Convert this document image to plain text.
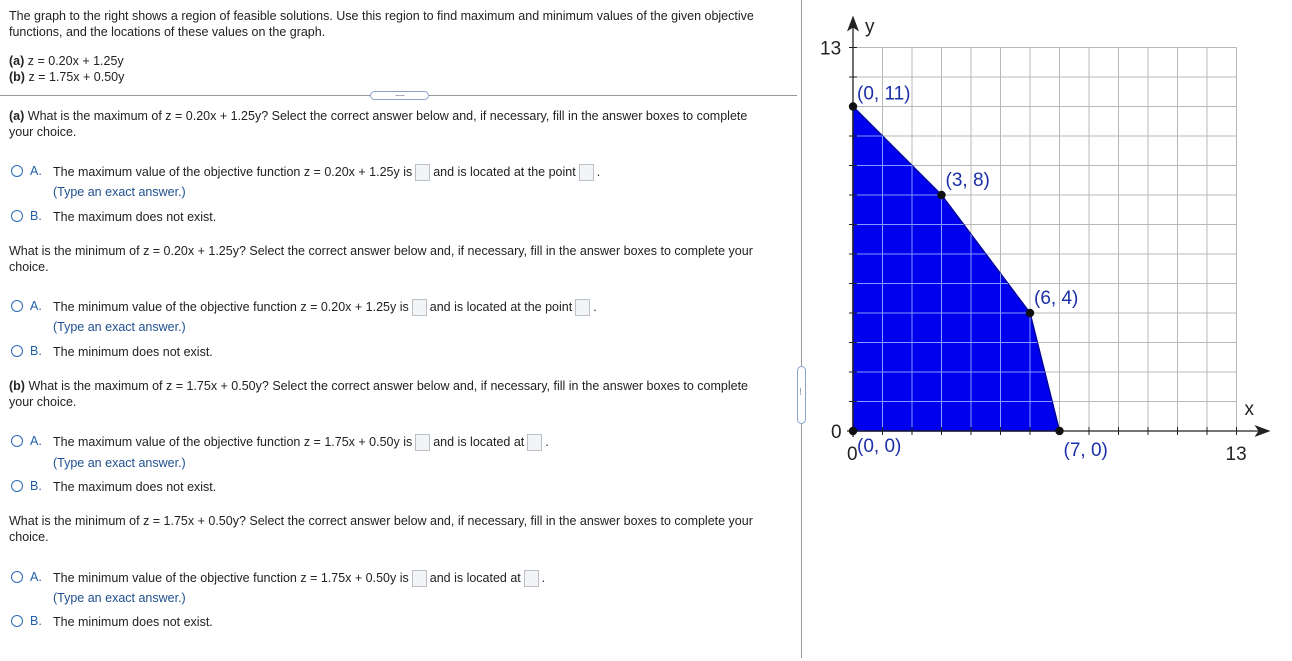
The graph to the right shows a region of feasible solutions. Use this region to find maximum and minimum values of the given objective
functions, and the locations of these values on the graph.
(a) z = 0.20x + 1.25y
(b) z = 1.75x + 0.50y
......
(a) What is the maximum of z = 0.20x + 1.25y? Select the correct answer below and, if necessary, fill in the answer boxes to complete
your choice.
A. The maximum value of the objective function z = 0.20x + 1.25y is and is located at the point .
(Type an exact answer.)
B. The maximum does not exist.
What is the minimum of z = 0.20x + 1.25y? Select the correct answer below and, if necessary, fill in the answer boxes to complete your
choice.
A. The minimum value of the objective function z = 0.20x + 1.25y is and is located at the point .
(Type an exact answer.)
B. The minimum does not exist.
(b) What is the maximum of z = 1.75x + 0.50y? Select the correct answer below and, if necessary, fill in the answer boxes to complete
your choice.
A. The maximum value of the objective function z = 1.75x + 0.50y is and is located at .
(Type an exact answer.)
B. The maximum does not exist.
What is the minimum of z = 1.75x + 0.50y? Select the correct answer below and, if necessary, fill in the answer boxes to complete your
choice.
A. The minimum value of the objective function z = 1.75x + 0.50y is and is located at .
(Type an exact answer.)
B. The minimum does not exist.
......
x
y
13
13
0
0
(0, 0)
(0, 11)
(3, 8)
(6, 4)
(7, 0)
